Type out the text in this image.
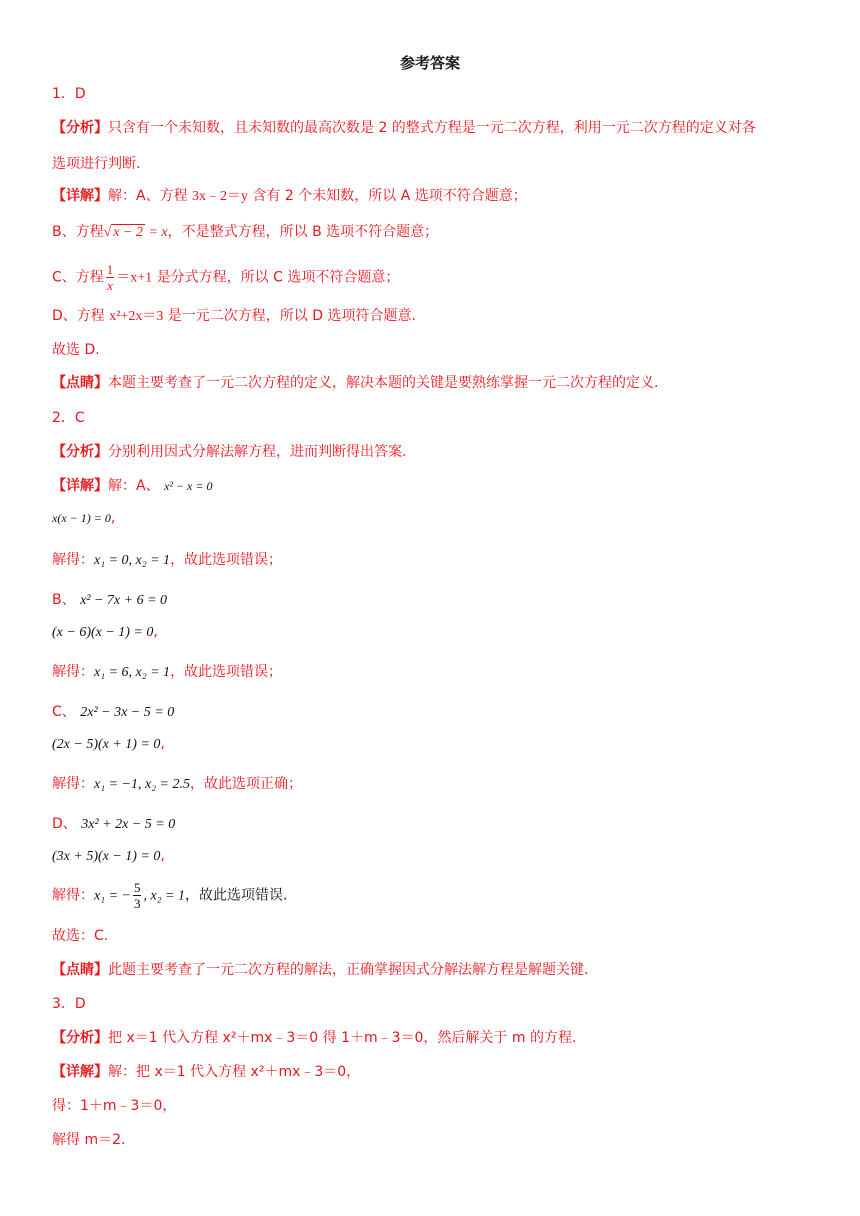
参考答案
1．D
【分析】只含有一个未知数，且未知数的最高次数是 2 的整式方程是一元二次方程，利用一元二次方程的定义对各
选项进行判断.
【详解】解：A、方程 3x﹣2＝y 含有 2 个未知数，所以 A 选项不符合题意；
B、方程√ x − 2 = x，不是整式方程，所以 B 选项不符合题意；
C、方程 $\frac{1}{x} =x+1$ 是分式方程，所以 C 选项不符合题意；
D、方程 x²+2x＝3 是一元二次方程，所以 D 选项符合题意.
故选 D.
【点睛】本题主要考查了一元二次方程的定义，解决本题的关键是要熟练掌握一元二次方程的定义.
2．C
【分析】分别利用因式分解法解方程，进而判断得出答案.
【详解】解：A、 x² − x = 0
x(x − 1) = 0,
解得：x₁ = 0, x₂ = 1，故此选项错误；
B、 x² − 7x + 6 = 0
(x − 6)(x − 1) = 0,
解得：x₁ = 6, x₂ = 1，故此选项错误；
C、 2x² − 3x − 5 = 0
(2x − 5)(x + 1) = 0,
解得：x₁ = −1, x₂ = 2.5，故此选项正确；
D、 3x² + 2x − 5 = 0
(3x + 5)(x − 1) = 0,
解得：x₁ = − $\frac{5}{3}$ , x₂ = 1，故此选项错误.
故选：C.
【点睛】此题主要考查了一元二次方程的解法，正确掌握因式分解法解方程是解题关键.
3．D
【分析】把 x＝1 代入方程 x²＋mx﹣3＝0 得 1＋m﹣3＝0，然后解关于 m 的方程.
【详解】解：把 x＝1 代入方程 x²＋mx﹣3＝0，
得：1＋m﹣3＝0，
解得 m＝2.
